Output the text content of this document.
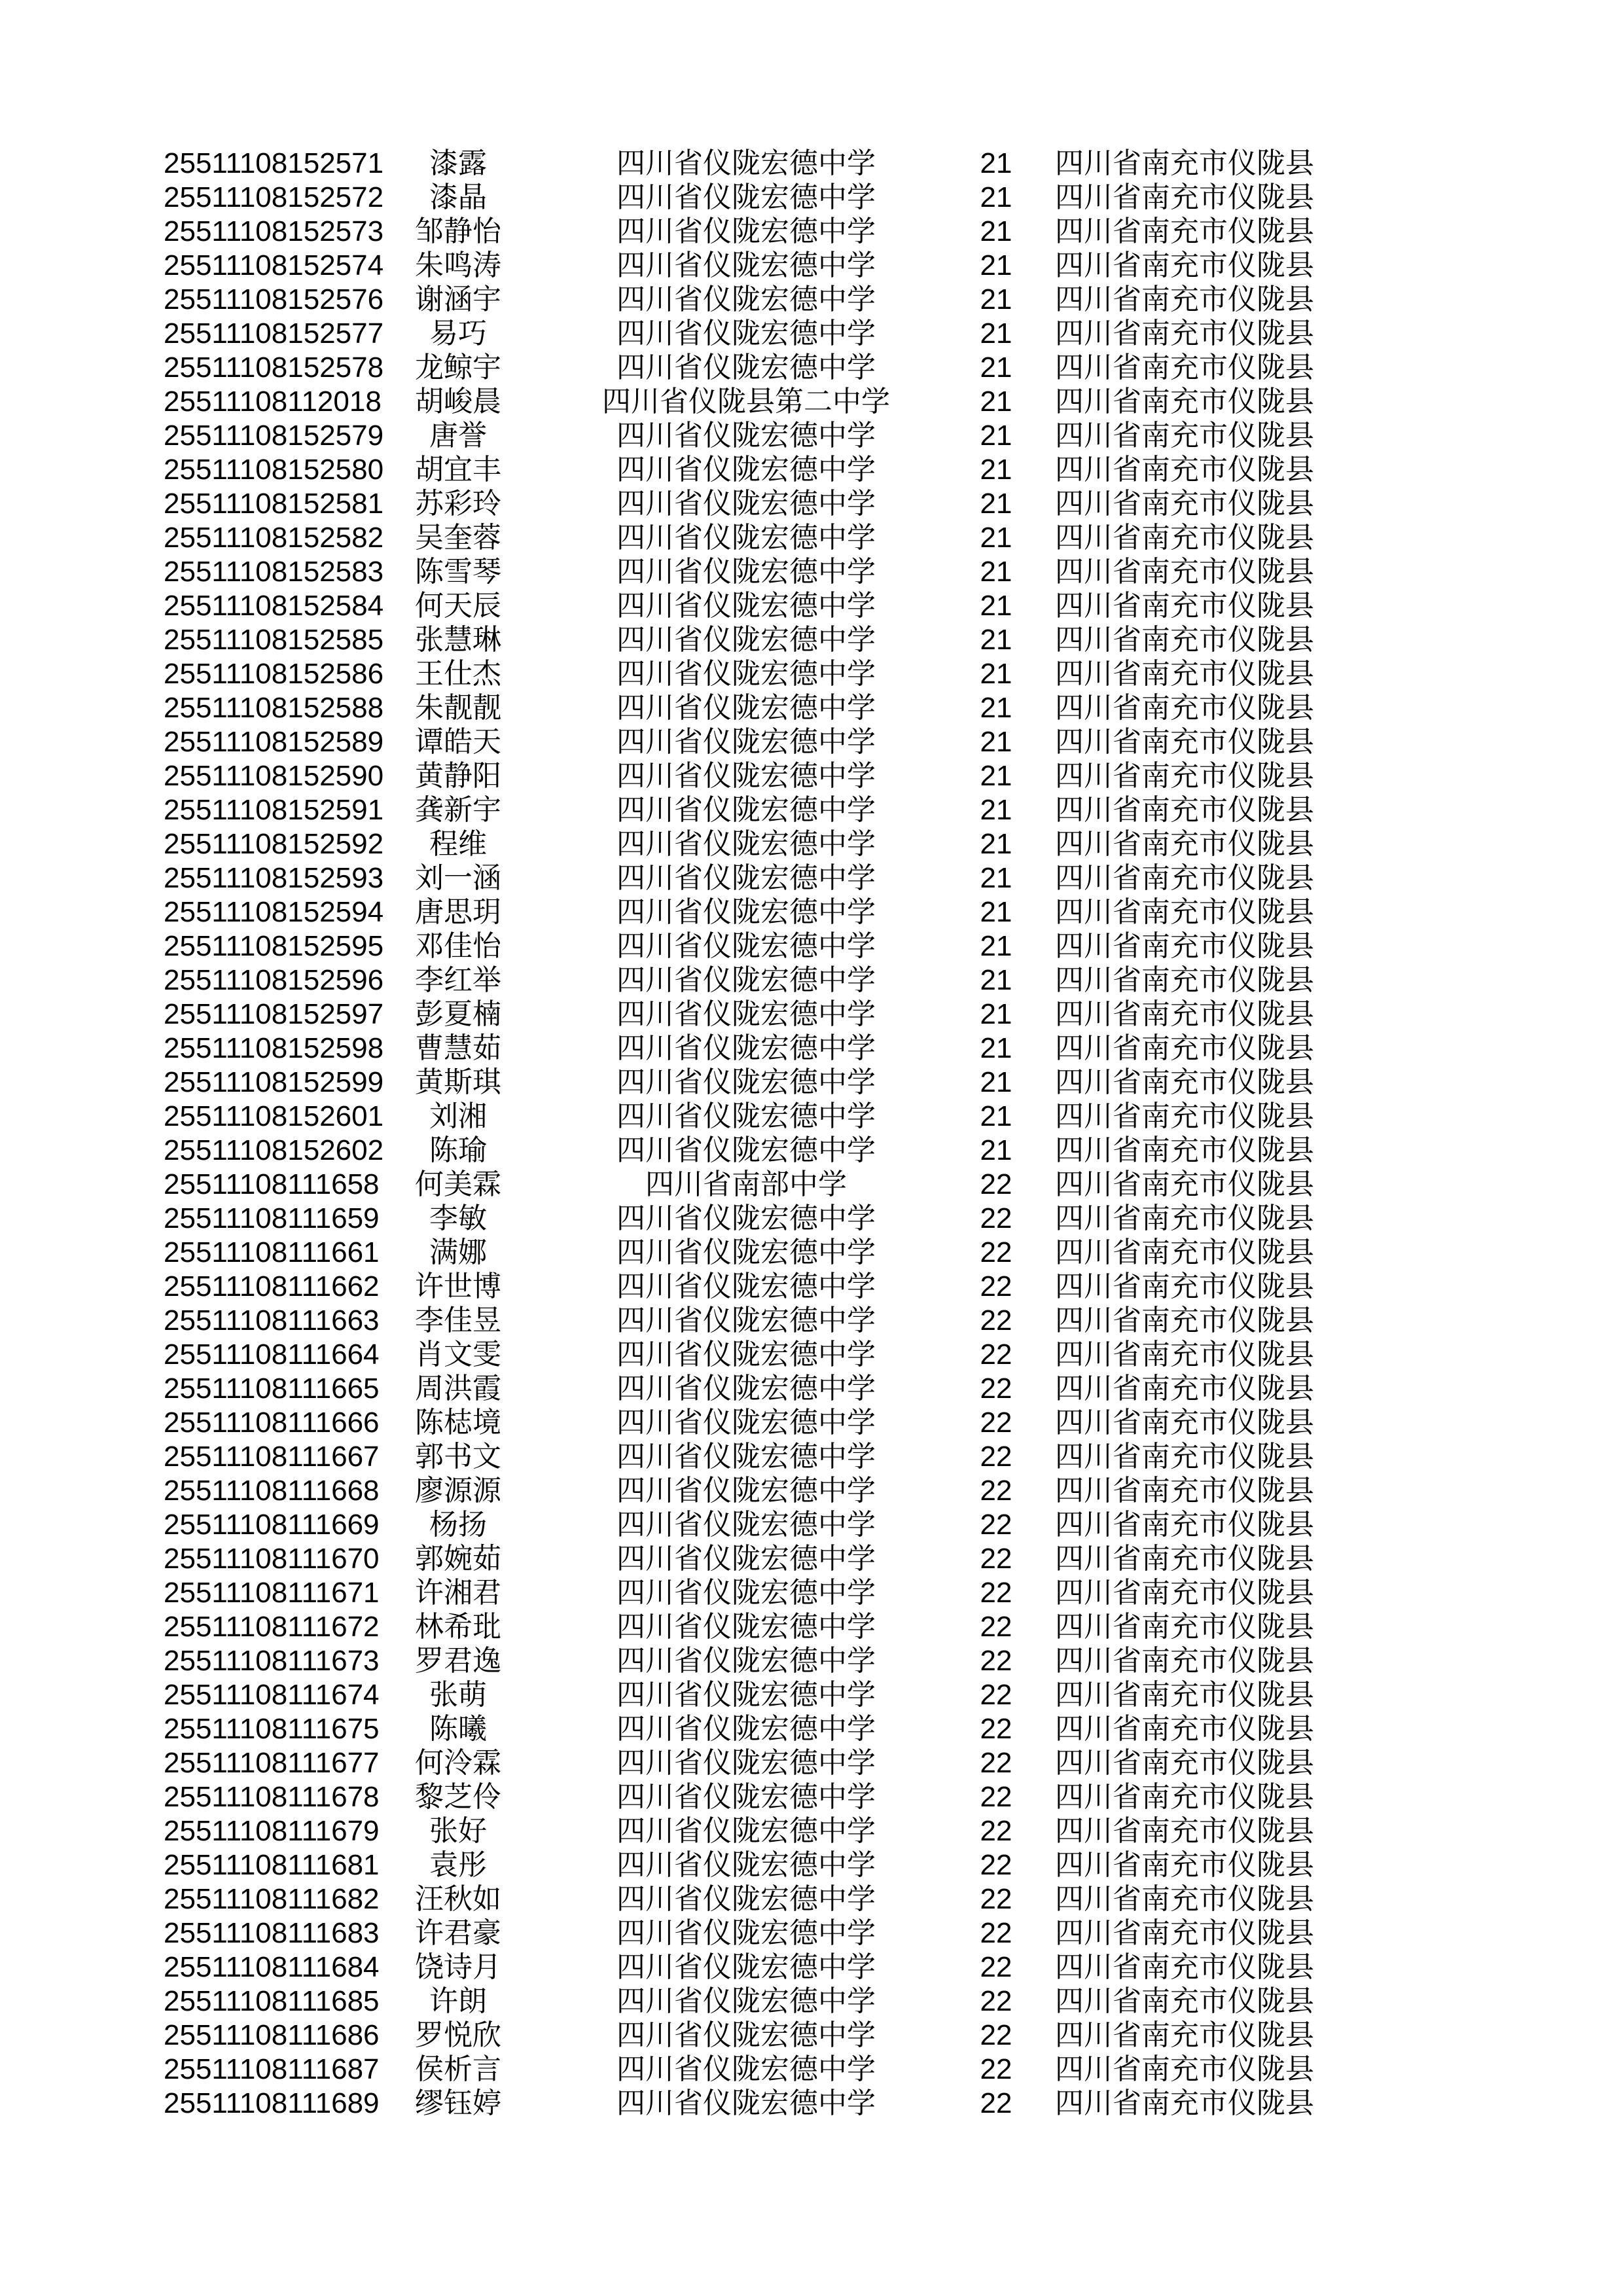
25511108152571	漆露	四川省仪陇宏德中学	21	四川省南充市仪陇县
25511108152572	漆晶	四川省仪陇宏德中学	21	四川省南充市仪陇县
25511108152573	邹静怡	四川省仪陇宏德中学	21	四川省南充市仪陇县
25511108152574	朱鸣涛	四川省仪陇宏德中学	21	四川省南充市仪陇县
25511108152576	谢涵宇	四川省仪陇宏德中学	21	四川省南充市仪陇县
25511108152577	易巧	四川省仪陇宏德中学	21	四川省南充市仪陇县
25511108152578	龙鲸宇	四川省仪陇宏德中学	21	四川省南充市仪陇县
25511108112018	胡峻晨	四川省仪陇县第二中学	21	四川省南充市仪陇县
25511108152579	唐誉	四川省仪陇宏德中学	21	四川省南充市仪陇县
25511108152580	胡宜丰	四川省仪陇宏德中学	21	四川省南充市仪陇县
25511108152581	苏彩玲	四川省仪陇宏德中学	21	四川省南充市仪陇县
25511108152582	吴奎蓉	四川省仪陇宏德中学	21	四川省南充市仪陇县
25511108152583	陈雪琴	四川省仪陇宏德中学	21	四川省南充市仪陇县
25511108152584	何天辰	四川省仪陇宏德中学	21	四川省南充市仪陇县
25511108152585	张慧琳	四川省仪陇宏德中学	21	四川省南充市仪陇县
25511108152586	王仕杰	四川省仪陇宏德中学	21	四川省南充市仪陇县
25511108152588	朱靓靓	四川省仪陇宏德中学	21	四川省南充市仪陇县
25511108152589	谭皓天	四川省仪陇宏德中学	21	四川省南充市仪陇县
25511108152590	黄静阳	四川省仪陇宏德中学	21	四川省南充市仪陇县
25511108152591	龚新宇	四川省仪陇宏德中学	21	四川省南充市仪陇县
25511108152592	程维	四川省仪陇宏德中学	21	四川省南充市仪陇县
25511108152593	刘一涵	四川省仪陇宏德中学	21	四川省南充市仪陇县
25511108152594	唐思玥	四川省仪陇宏德中学	21	四川省南充市仪陇县
25511108152595	邓佳怡	四川省仪陇宏德中学	21	四川省南充市仪陇县
25511108152596	李红举	四川省仪陇宏德中学	21	四川省南充市仪陇县
25511108152597	彭夏楠	四川省仪陇宏德中学	21	四川省南充市仪陇县
25511108152598	曹慧茹	四川省仪陇宏德中学	21	四川省南充市仪陇县
25511108152599	黄斯琪	四川省仪陇宏德中学	21	四川省南充市仪陇县
25511108152601	刘湘	四川省仪陇宏德中学	21	四川省南充市仪陇县
25511108152602	陈瑜	四川省仪陇宏德中学	21	四川省南充市仪陇县
25511108111658	何美霖	四川省南部中学	22	四川省南充市仪陇县
25511108111659	李敏	四川省仪陇宏德中学	22	四川省南充市仪陇县
25511108111661	满娜	四川省仪陇宏德中学	22	四川省南充市仪陇县
25511108111662	许世博	四川省仪陇宏德中学	22	四川省南充市仪陇县
25511108111663	李佳昱	四川省仪陇宏德中学	22	四川省南充市仪陇县
25511108111664	肖文雯	四川省仪陇宏德中学	22	四川省南充市仪陇县
25511108111665	周洪霞	四川省仪陇宏德中学	22	四川省南充市仪陇县
25511108111666	陈梽境	四川省仪陇宏德中学	22	四川省南充市仪陇县
25511108111667	郭书文	四川省仪陇宏德中学	22	四川省南充市仪陇县
25511108111668	廖源源	四川省仪陇宏德中学	22	四川省南充市仪陇县
25511108111669	杨扬	四川省仪陇宏德中学	22	四川省南充市仪陇县
25511108111670	郭婉茹	四川省仪陇宏德中学	22	四川省南充市仪陇县
25511108111671	许湘君	四川省仪陇宏德中学	22	四川省南充市仪陇县
25511108111672	林希玭	四川省仪陇宏德中学	22	四川省南充市仪陇县
25511108111673	罗君逸	四川省仪陇宏德中学	22	四川省南充市仪陇县
25511108111674	张萌	四川省仪陇宏德中学	22	四川省南充市仪陇县
25511108111675	陈曦	四川省仪陇宏德中学	22	四川省南充市仪陇县
25511108111677	何泠霖	四川省仪陇宏德中学	22	四川省南充市仪陇县
25511108111678	黎芝伶	四川省仪陇宏德中学	22	四川省南充市仪陇县
25511108111679	张好	四川省仪陇宏德中学	22	四川省南充市仪陇县
25511108111681	袁彤	四川省仪陇宏德中学	22	四川省南充市仪陇县
25511108111682	汪秋如	四川省仪陇宏德中学	22	四川省南充市仪陇县
25511108111683	许君豪	四川省仪陇宏德中学	22	四川省南充市仪陇县
25511108111684	饶诗月	四川省仪陇宏德中学	22	四川省南充市仪陇县
25511108111685	许朗	四川省仪陇宏德中学	22	四川省南充市仪陇县
25511108111686	罗悦欣	四川省仪陇宏德中学	22	四川省南充市仪陇县
25511108111687	侯析言	四川省仪陇宏德中学	22	四川省南充市仪陇县
25511108111689	缪钰婷	四川省仪陇宏德中学	22	四川省南充市仪陇县
